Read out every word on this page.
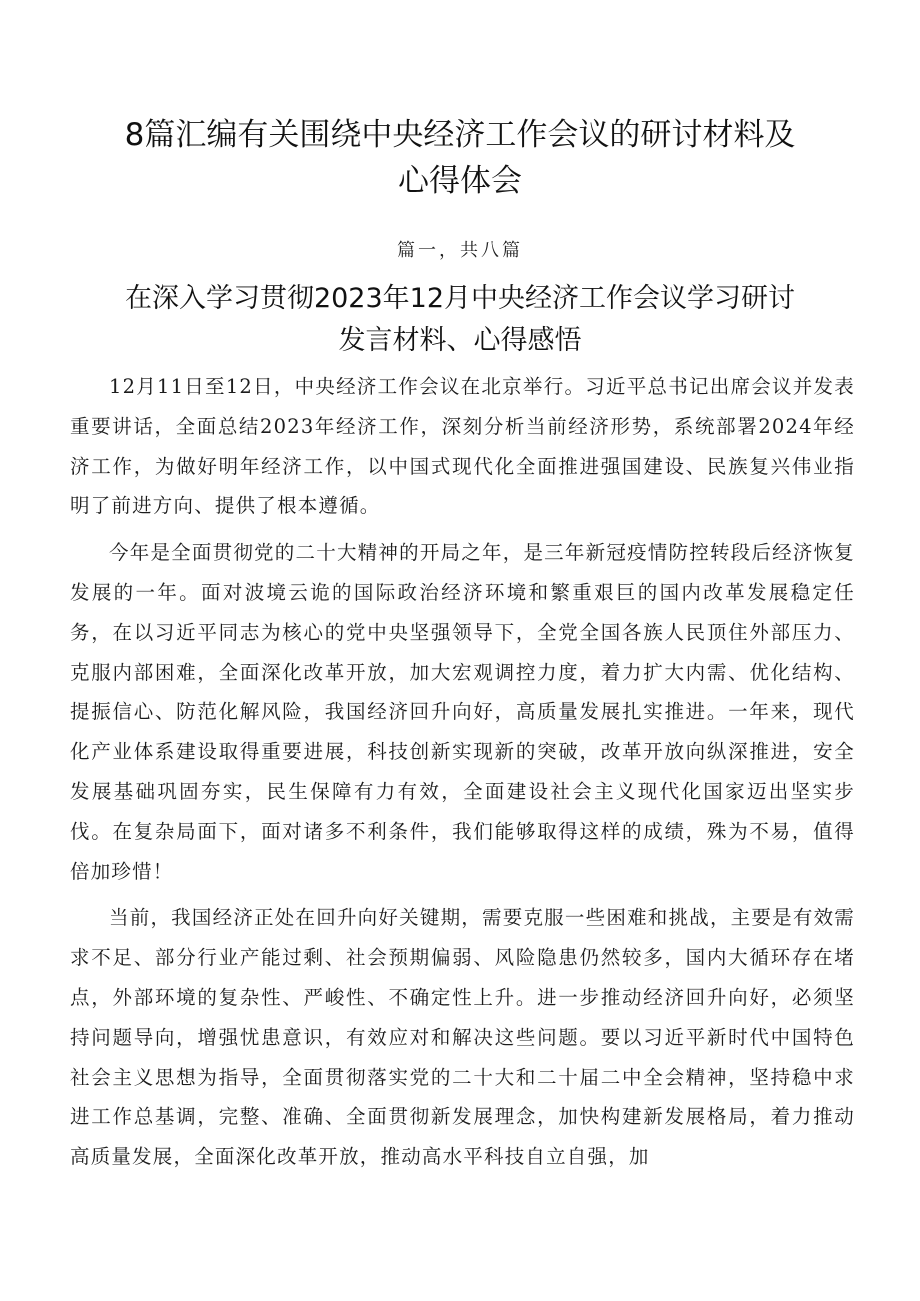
8篇汇编有关围绕中央经济工作会议的研讨材料及心得体会
篇一，共八篇
在深入学习贯彻2023年12月中央经济工作会议学习研讨发言材料、心得感悟

12月11日至12日，中央经济工作会议在北京举行。习近平总书记出席会议并发表重要讲话，全面总结2023年经济工作，深刻分析当前经济形势，系统部署2024年经济工作，为做好明年经济工作，以中国式现代化全面推进强国建设、民族复兴伟业指明了前进方向、提供了根本遵循。

今年是全面贯彻党的二十大精神的开局之年，是三年新冠疫情防控转段后经济恢复发展的一年。面对波境云诡的国际政治经济环境和繁重艰巨的国内改革发展稳定任务，在以习近平同志为核心的党中央坚强领导下，全党全国各族人民顶住外部压力、克服内部困难，全面深化改革开放，加大宏观调控力度，着力扩大内需、优化结构、提振信心、防范化解风险，我国经济回升向好，高质量发展扎实推进。一年来，现代化产业体系建设取得重要进展，科技创新实现新的突破，改革开放向纵深推进，安全发展基础巩固夯实，民生保障有力有效，全面建设社会主义现代化国家迈出坚实步伐。在复杂局面下，面对诸多不利条件，我们能够取得这样的成绩，殊为不易，值得倍加珍惜！

当前，我国经济正处在回升向好关键期，需要克服一些困难和挑战，主要是有效需求不足、部分行业产能过剩、社会预期偏弱、风险隐患仍然较多，国内大循环存在堵点，外部环境的复杂性、严峻性、不确定性上升。进一步推动经济回升向好，必须坚持问题导向，增强忧患意识，有效应对和解决这些问题。要以习近平新时代中国特色社会主义思想为指导，全面贯彻落实党的二十大和二十届二中全会精神，坚持稳中求进工作总基调，完整、准确、全面贯彻新发展理念，加快构建新发展格局，着力推动高质量发展，全面深化改革开放，推动高水平科技自立自强，加
